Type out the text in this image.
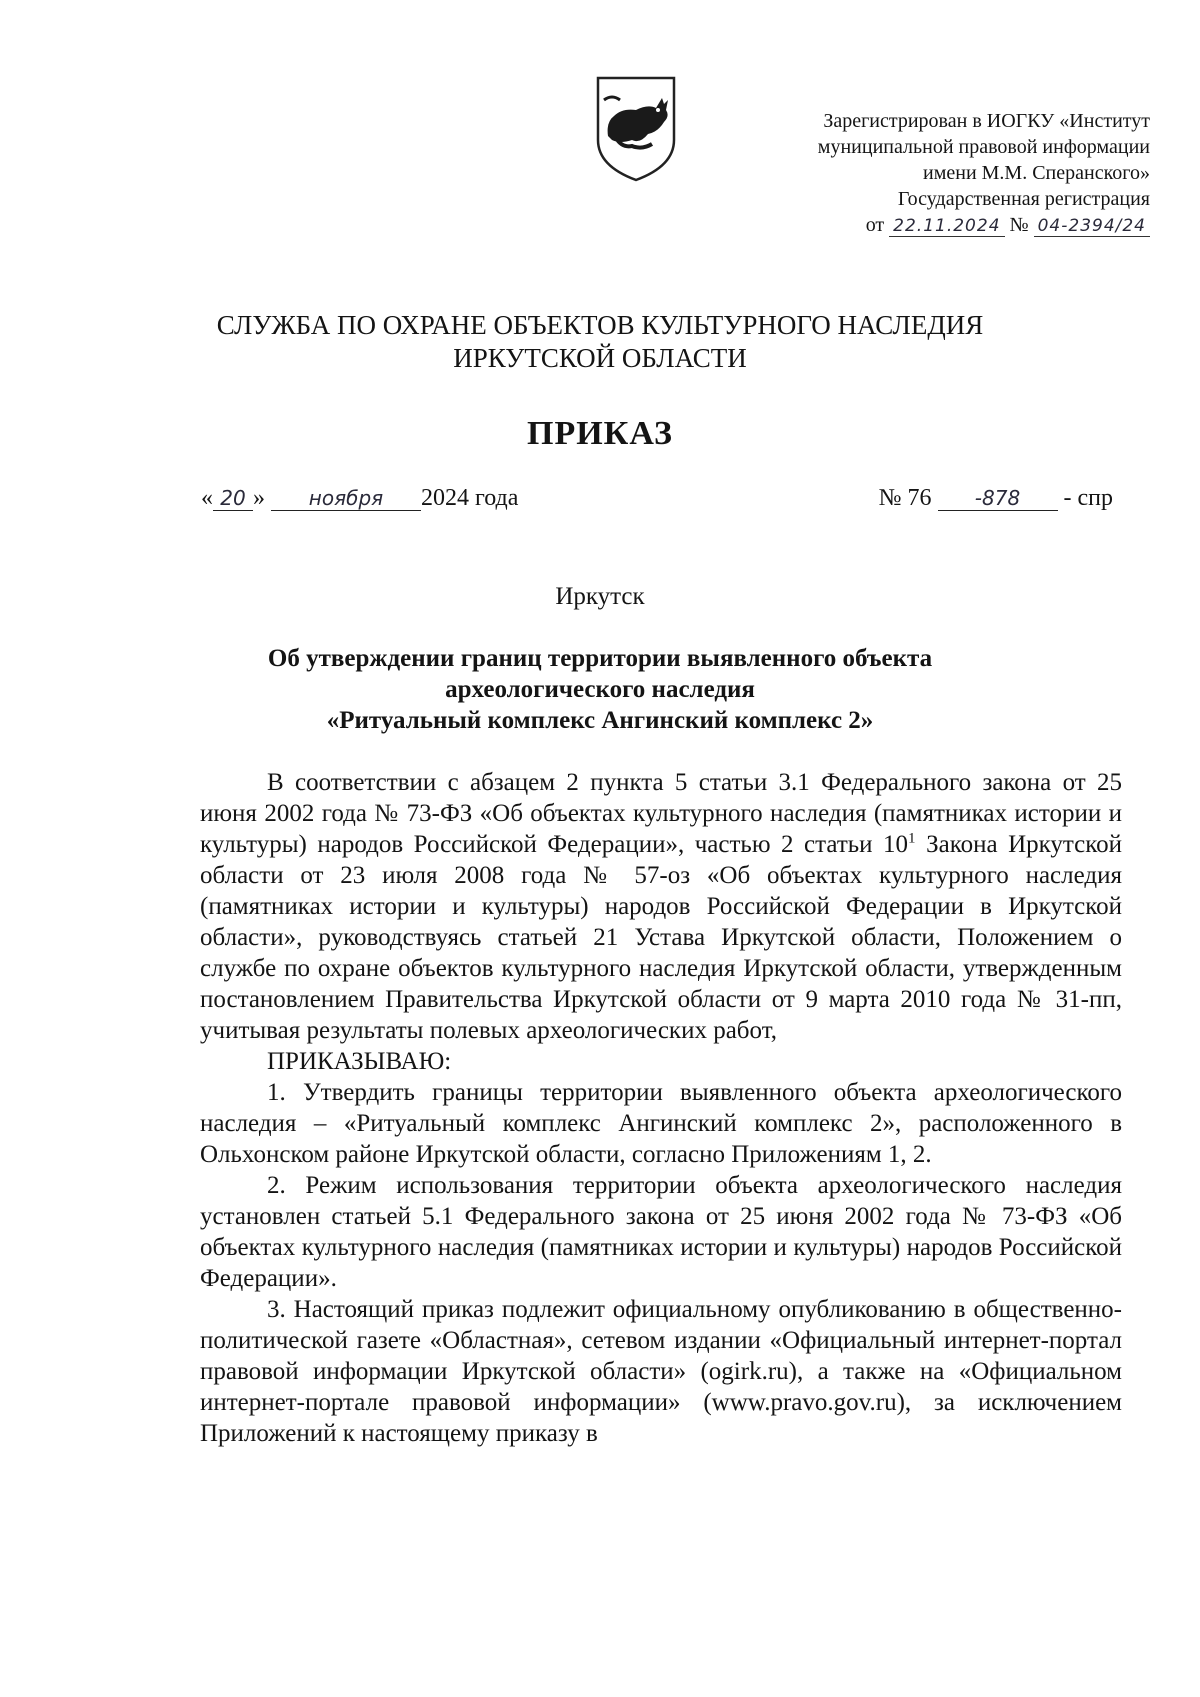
Зарегистрирован в ИОГКУ «Институт
муниципальной правовой информации
имени М.М. Сперанского»
Государственная регистрация
от 22.11.2024 № 04-2394/24
СЛУЖБА ПО ОХРАНЕ ОБЪЕКТОВ КУЛЬТУРНОГО НАСЛЕДИЯ
ИРКУТСКОЙ ОБЛАСТИ
ПРИКАЗ
« 20 » ноября 2024 года	№ 76 -878 - спр
Иркутск
Об утверждении границ территории выявленного объекта
археологического наследия
«Ритуальный комплекс Ангинский комплекс 2»

В соответствии с абзацем 2 пункта 5 статьи 3.1 Федерального закона от 25 июня 2002 года № 73-ФЗ «Об объектах культурного наследия (памятниках истории и культуры) народов Российской Федерации», частью 2 статьи $10^1$ Закона Иркутской области от 23 июля 2008 года № 57-оз «Об объектах культурного наследия (памятниках истории и культуры) народов Российской Федерации в Иркутской области», руководствуясь статьей 21 Устава Иркутской области, Положением о службе по охране объектов культурного наследия Иркутской области, утвержденным постановлением Правительства Иркутской области от 9 марта 2010 года № 31-пп, учитывая результаты полевых археологических работ,

ПРИКАЗЫВАЮ:

1. Утвердить границы территории выявленного объекта археологического наследия – «Ритуальный комплекс Ангинский комплекс 2», расположенного в Ольхонском районе Иркутской области, согласно Приложениям 1, 2.

2. Режим использования территории объекта археологического наследия установлен статьей 5.1 Федерального закона от 25 июня 2002 года № 73-ФЗ «Об объектах культурного наследия (памятниках истории и культуры) народов Российской Федерации».

3. Настоящий приказ подлежит официальному опубликованию в общественно-политической газете «Областная», сетевом издании «Официальный интернет-портал правовой информации Иркутской области» (ogirk.ru), а также на «Официальном интернет-портале правовой информации» (www.pravo.gov.ru), за исключением Приложений к настоящему приказу в
